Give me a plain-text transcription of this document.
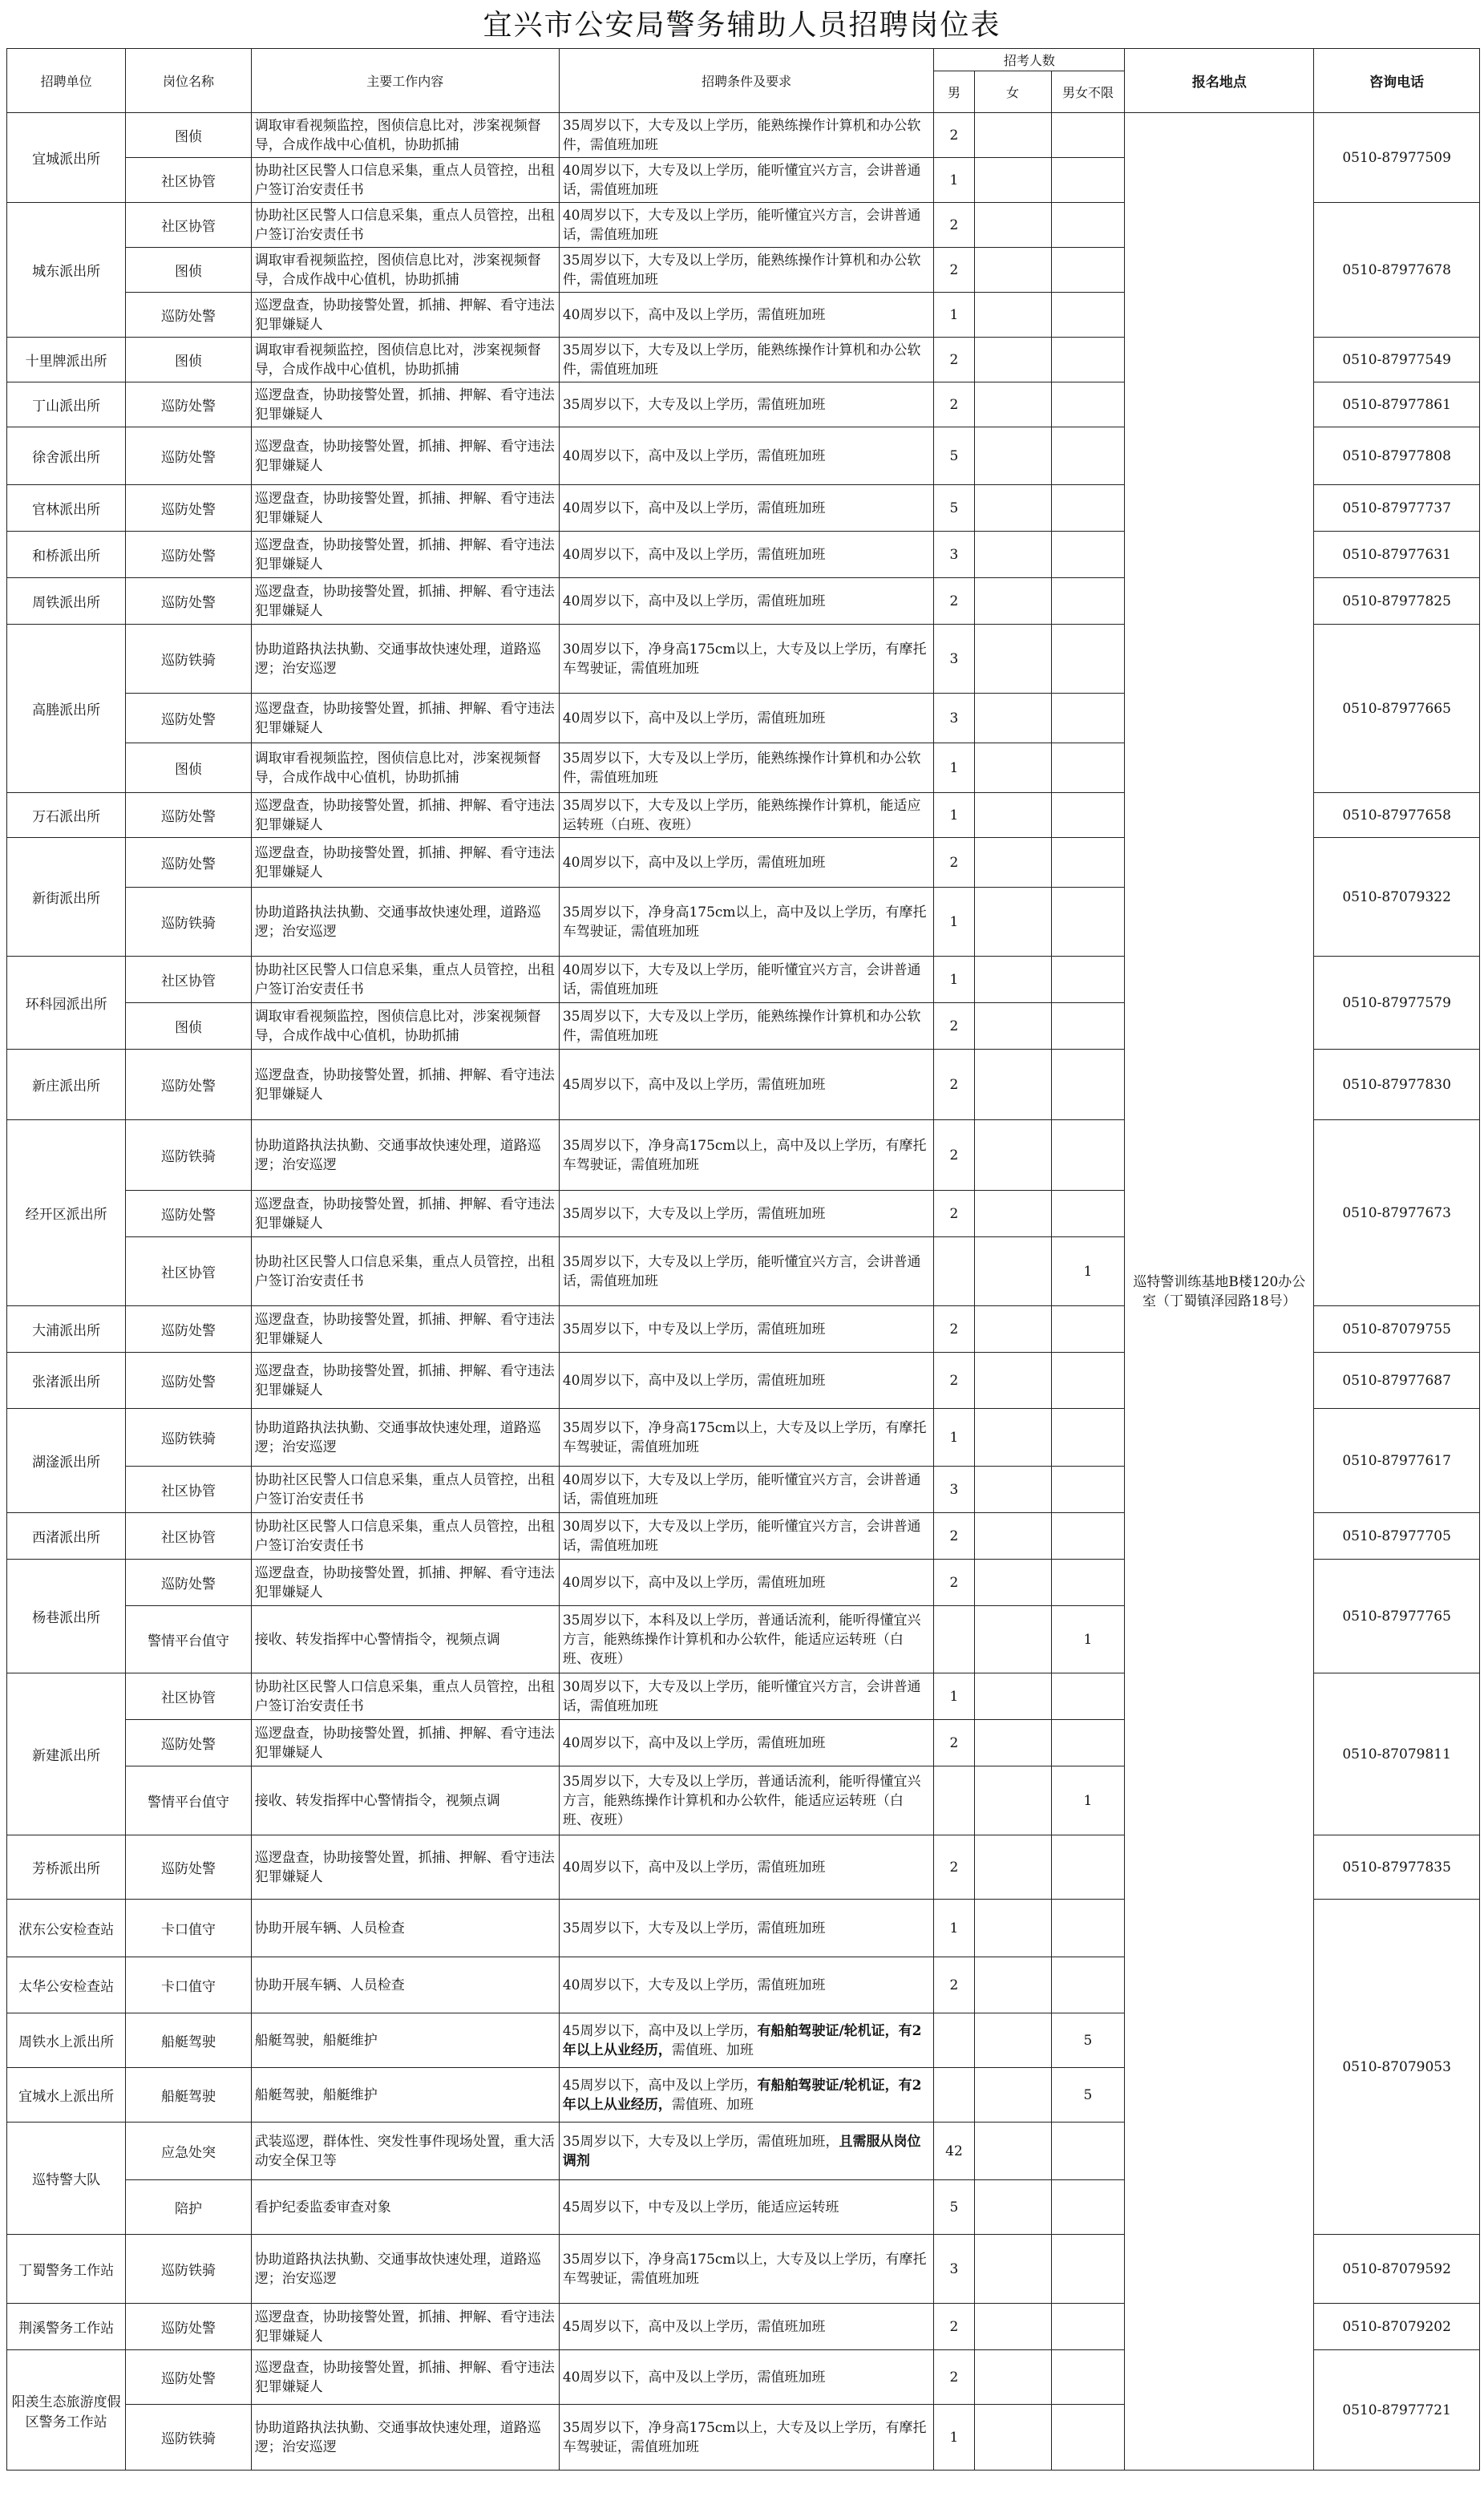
宜兴市公安局警务辅助人员招聘岗位表
招聘单位	岗位名称	主要工作内容	招聘条件及要求	招考人数			报名地点	咨询电话
				男	女	男女不限		
宜城派出所	图侦	调取审看视频监控，图侦信息比对，涉案视频督导，合成作战中心值机，协助抓捕	35周岁以下，大专及以上学历，能熟练操作计算机和办公软件，需值班加班	2			巡特警训练基地B楼120办公室（丁蜀镇泽园路18号）	0510-87977509
	社区协管	协助社区民警人口信息采集，重点人员管控，出租户签订治安责任书	40周岁以下，大专及以上学历，能听懂宜兴方言，会讲普通话，需值班加班	1				
城东派出所	社区协管	协助社区民警人口信息采集，重点人员管控，出租户签订治安责任书	40周岁以下，大专及以上学历，能听懂宜兴方言，会讲普通话，需值班加班	2				0510-87977678
	图侦	调取审看视频监控，图侦信息比对，涉案视频督导，合成作战中心值机，协助抓捕	35周岁以下，大专及以上学历，能熟练操作计算机和办公软件，需值班加班	2				
	巡防处警	巡逻盘查，协助接警处置，抓捕、押解、看守违法犯罪嫌疑人	40周岁以下，高中及以上学历，需值班加班	1				
十里牌派出所	图侦	调取审看视频监控，图侦信息比对，涉案视频督导，合成作战中心值机，协助抓捕	35周岁以下，大专及以上学历，能熟练操作计算机和办公软件，需值班加班	2				0510-87977549
丁山派出所	巡防处警	巡逻盘查，协助接警处置，抓捕、押解、看守违法犯罪嫌疑人	35周岁以下，大专及以上学历，需值班加班	2				0510-87977861
徐舍派出所	巡防处警	巡逻盘查，协助接警处置，抓捕、押解、看守违法犯罪嫌疑人	40周岁以下，高中及以上学历，需值班加班	5				0510-87977808
官林派出所	巡防处警	巡逻盘查，协助接警处置，抓捕、押解、看守违法犯罪嫌疑人	40周岁以下，高中及以上学历，需值班加班	5				0510-87977737
和桥派出所	巡防处警	巡逻盘查，协助接警处置，抓捕、押解、看守违法犯罪嫌疑人	40周岁以下，高中及以上学历，需值班加班	3				0510-87977631
周铁派出所	巡防处警	巡逻盘查，协助接警处置，抓捕、押解、看守违法犯罪嫌疑人	40周岁以下，高中及以上学历，需值班加班	2				0510-87977825
高塍派出所	巡防铁骑	协助道路执法执勤、交通事故快速处理，道路巡逻；治安巡逻	30周岁以下，净身高175cm以上，大专及以上学历，有摩托车驾驶证，需值班加班	3				0510-87977665
	巡防处警	巡逻盘查，协助接警处置，抓捕、押解、看守违法犯罪嫌疑人	40周岁以下，高中及以上学历，需值班加班	3				
	图侦	调取审看视频监控，图侦信息比对，涉案视频督导，合成作战中心值机，协助抓捕	35周岁以下，大专及以上学历，能熟练操作计算机和办公软件，需值班加班	1				
万石派出所	巡防处警	巡逻盘查，协助接警处置，抓捕、押解、看守违法犯罪嫌疑人	35周岁以下，大专及以上学历，能熟练操作计算机，能适应运转班（白班、夜班）	1				0510-87977658
新街派出所	巡防处警	巡逻盘查，协助接警处置，抓捕、押解、看守违法犯罪嫌疑人	40周岁以下，高中及以上学历，需值班加班	2				0510-87079322
	巡防铁骑	协助道路执法执勤、交通事故快速处理，道路巡逻；治安巡逻	35周岁以下，净身高175cm以上，高中及以上学历，有摩托车驾驶证，需值班加班	1				
环科园派出所	社区协管	协助社区民警人口信息采集，重点人员管控，出租户签订治安责任书	40周岁以下，大专及以上学历，能听懂宜兴方言，会讲普通话，需值班加班	1				0510-87977579
	图侦	调取审看视频监控，图侦信息比对，涉案视频督导，合成作战中心值机，协助抓捕	35周岁以下，大专及以上学历，能熟练操作计算机和办公软件，需值班加班	2				
新庄派出所	巡防处警	巡逻盘查，协助接警处置，抓捕、押解、看守违法犯罪嫌疑人	45周岁以下，高中及以上学历，需值班加班	2				0510-87977830
经开区派出所	巡防铁骑	协助道路执法执勤、交通事故快速处理，道路巡逻；治安巡逻	35周岁以下，净身高175cm以上，高中及以上学历，有摩托车驾驶证，需值班加班	2				0510-87977673
	巡防处警	巡逻盘查，协助接警处置，抓捕、押解、看守违法犯罪嫌疑人	35周岁以下，大专及以上学历，需值班加班	2				
	社区协管	协助社区民警人口信息采集，重点人员管控，出租户签订治安责任书	35周岁以下，大专及以上学历，能听懂宜兴方言，会讲普通话，需值班加班			1		
大浦派出所	巡防处警	巡逻盘查，协助接警处置，抓捕、押解、看守违法犯罪嫌疑人	35周岁以下，中专及以上学历，需值班加班	2				0510-87079755
张渚派出所	巡防处警	巡逻盘查，协助接警处置，抓捕、押解、看守违法犯罪嫌疑人	40周岁以下，高中及以上学历，需值班加班	2				0510-87977687
湖滏派出所	巡防铁骑	协助道路执法执勤、交通事故快速处理，道路巡逻；治安巡逻	35周岁以下，净身高175cm以上，大专及以上学历，有摩托车驾驶证，需值班加班	1				0510-87977617
	社区协管	协助社区民警人口信息采集，重点人员管控，出租户签订治安责任书	40周岁以下，大专及以上学历，能听懂宜兴方言，会讲普通话，需值班加班	3				
西渚派出所	社区协管	协助社区民警人口信息采集，重点人员管控，出租户签订治安责任书	30周岁以下，大专及以上学历，能听懂宜兴方言，会讲普通话，需值班加班	2				0510-87977705
杨巷派出所	巡防处警	巡逻盘查，协助接警处置，抓捕、押解、看守违法犯罪嫌疑人	40周岁以下，高中及以上学历，需值班加班	2				0510-87977765
	警情平台值守	接收、转发指挥中心警情指令，视频点调	35周岁以下，本科及以上学历，普通话流利，能听得懂宜兴方言，能熟练操作计算机和办公软件，能适应运转班（白班、夜班）			1		
新建派出所	社区协管	协助社区民警人口信息采集，重点人员管控，出租户签订治安责任书	30周岁以下，大专及以上学历，能听懂宜兴方言，会讲普通话，需值班加班	1				0510-87079811
	巡防处警	巡逻盘查，协助接警处置，抓捕、押解、看守违法犯罪嫌疑人	40周岁以下，高中及以上学历，需值班加班	2				
	警情平台值守	接收、转发指挥中心警情指令，视频点调	35周岁以下，大专及以上学历，普通话流利，能听得懂宜兴方言，能熟练操作计算机和办公软件，能适应运转班（白班、夜班）			1		
芳桥派出所	巡防处警	巡逻盘查，协助接警处置，抓捕、押解、看守违法犯罪嫌疑人	40周岁以下，高中及以上学历，需值班加班	2				0510-87977835
洑东公安检查站	卡口值守	协助开展车辆、人员检查	35周岁以下，大专及以上学历，需值班加班	1				0510-87079053
太华公安检查站	卡口值守	协助开展车辆、人员检查	40周岁以下，大专及以上学历，需值班加班	2				
周铁水上派出所	船艇驾驶	船艇驾驶，船艇维护	45周岁以下，高中及以上学历，有船舶驾驶证/轮机证，有2年以上从业经历，需值班、加班			5		
宜城水上派出所	船艇驾驶	船艇驾驶，船艇维护	45周岁以下，高中及以上学历，有船舶驾驶证/轮机证，有2年以上从业经历，需值班、加班			5		
巡特警大队	应急处突	武装巡逻，群体性、突发性事件现场处置，重大活动安全保卫等	35周岁以下，大专及以上学历，需值班加班，且需服从岗位调剂	42				
	陪护	看护纪委监委审查对象	45周岁以下，中专及以上学历，能适应运转班	5				
丁蜀警务工作站	巡防铁骑	协助道路执法执勤、交通事故快速处理，道路巡逻；治安巡逻	35周岁以下，净身高175cm以上，大专及以上学历，有摩托车驾驶证，需值班加班	3				0510-87079592
荆溪警务工作站	巡防处警	巡逻盘查，协助接警处置，抓捕、押解、看守违法犯罪嫌疑人	45周岁以下，高中及以上学历，需值班加班	2				0510-87079202
阳羡生态旅游度假区警务工作站	巡防处警	巡逻盘查，协助接警处置，抓捕、押解、看守违法犯罪嫌疑人	40周岁以下，高中及以上学历，需值班加班	2				0510-87977721
	巡防铁骑	协助道路执法执勤、交通事故快速处理，道路巡逻；治安巡逻	35周岁以下，净身高175cm以上，大专及以上学历，有摩托车驾驶证，需值班加班	1				
